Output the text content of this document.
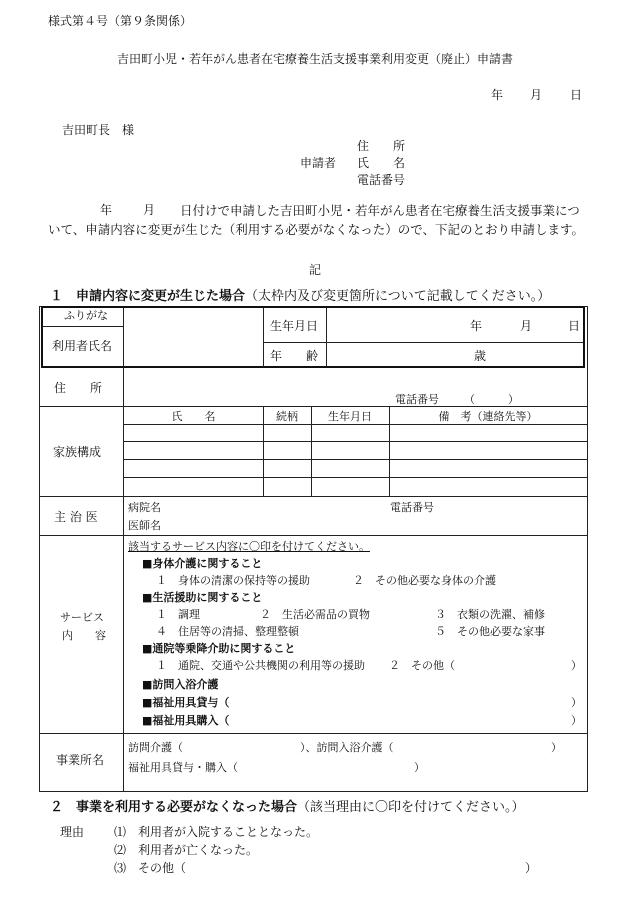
様式第４号（第９条関係）
吉田町小児・若年がん患者在宅療養生活支援事業利用変更（廃止）申請書
年 月 日
吉田町長　様
住　　所
申請者 氏　　名
電話番号
年	月	日付けで申請した吉田町小児・若年がん患者在宅療養生活支援事業について、申請内容に変更が生じた（利用する必要がなくなった）ので、下記のとおり申請します。
記
１　申請内容に変更が生じた場合（太枠内及び変更箇所について記載してください。）
ふりがな
利用者氏名
生年月日	年	月	日
年　　齢	歳
住　　所
電話番号 （　　　）
家族構成
氏　　名	続柄	生年月日	備　考（連絡先等）
主 治 医
病院名	電話番号
医師名
サービス
内　　容
該当するサービス内容に〇印を付けてください。
■身体介護に関すること
１　身体の清潔の保持等の援助	２　その他必要な身体の介護
■生活援助に関すること
１　調理	２　生活必需品の買物	３　衣類の洗濯、補修
４　住居等の清掃、整理整頓	５　その他必要な家事
■通院等乗降介助に関すること
１　通院、交通や公共機関の利用等の援助 ２　その他（	）
■訪問入浴介護
■福祉用具貸与（	）
■福祉用具購入（	）
事業所名
訪問介護（	）、訪問入浴介護（	）
福祉用具貸与・購入（	）
２　事業を利用する必要がなくなった場合（該当理由に〇印を付けてください。）
理由 ⑴　利用者が入院することとなった。
⑵　利用者が亡くなった。
⑶　その他（	）
